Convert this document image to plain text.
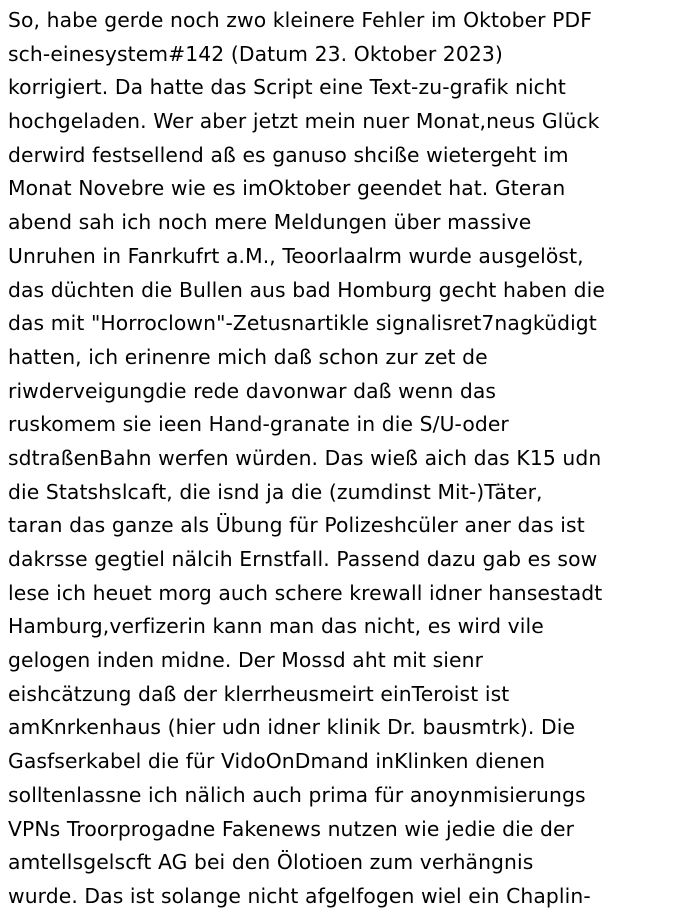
So, habe gerde noch zwo kleinere Fehler im Oktober PDF
sch-einesystem#142 (Datum 23. Oktober 2023)
korrigiert. Da hatte das Script eine Text-zu-grafik nicht
hochgeladen. Wer aber jetzt mein nuer Monat,neus Glück
derwird festsellend aß es ganuso shcißе wietergeht im
Monat Novebre wie es imOktober geendet hat. Gteran
abend sah ich noch mere Meldungen über massive
Unruhen in Fanrkufrt a.M., Teoorlaalrm wurde ausgelöst,
das düchten die Bullen aus bad Homburg gecht haben die
das mit "Horroclown"-Zetusnartikle signalisret7nagküdigt
hatten, ich erinenre mich daß schon zur zet de
riwderveigungdie rede davonwar daß wenn das
ruskomem sie ieen Hand-granate in die S/U-oder
sdtraßenBahn werfen würden. Das wieß aich das K15 udn
die Statshslcaft, die isnd ja die (zumdinst Mit-)Täter,
taran das ganze als Übung für Polizeshcüler aner das ist
dakrsse gegtiel nälcih Ernstfall. Passend dazu gab es sow
lese ich heuet morg auch schere krewall idner hansestadt
Hamburg,verfizerin kann man das nicht, es wird vile
gelogen inden midne. Der Mossd aht mit sienr
eishcätzung daß der klerrheusmeirt einTeroist ist
amKnrkenhaus (hier udn idner klinik Dr. bausmtrk). Die
Gasfserkabel die für VidoOnDmand inKlinken dienen
solltenlassne ich nälich auch prima für anoynmisierungs
VPNs Troorprogadne Fakenews nutzen wie jedie die der
amtellsgelscft AG bei den Ölotioen zum verhängnis
wurde. Das ist solange nicht afgelfogen wiel ein Chaplin-
